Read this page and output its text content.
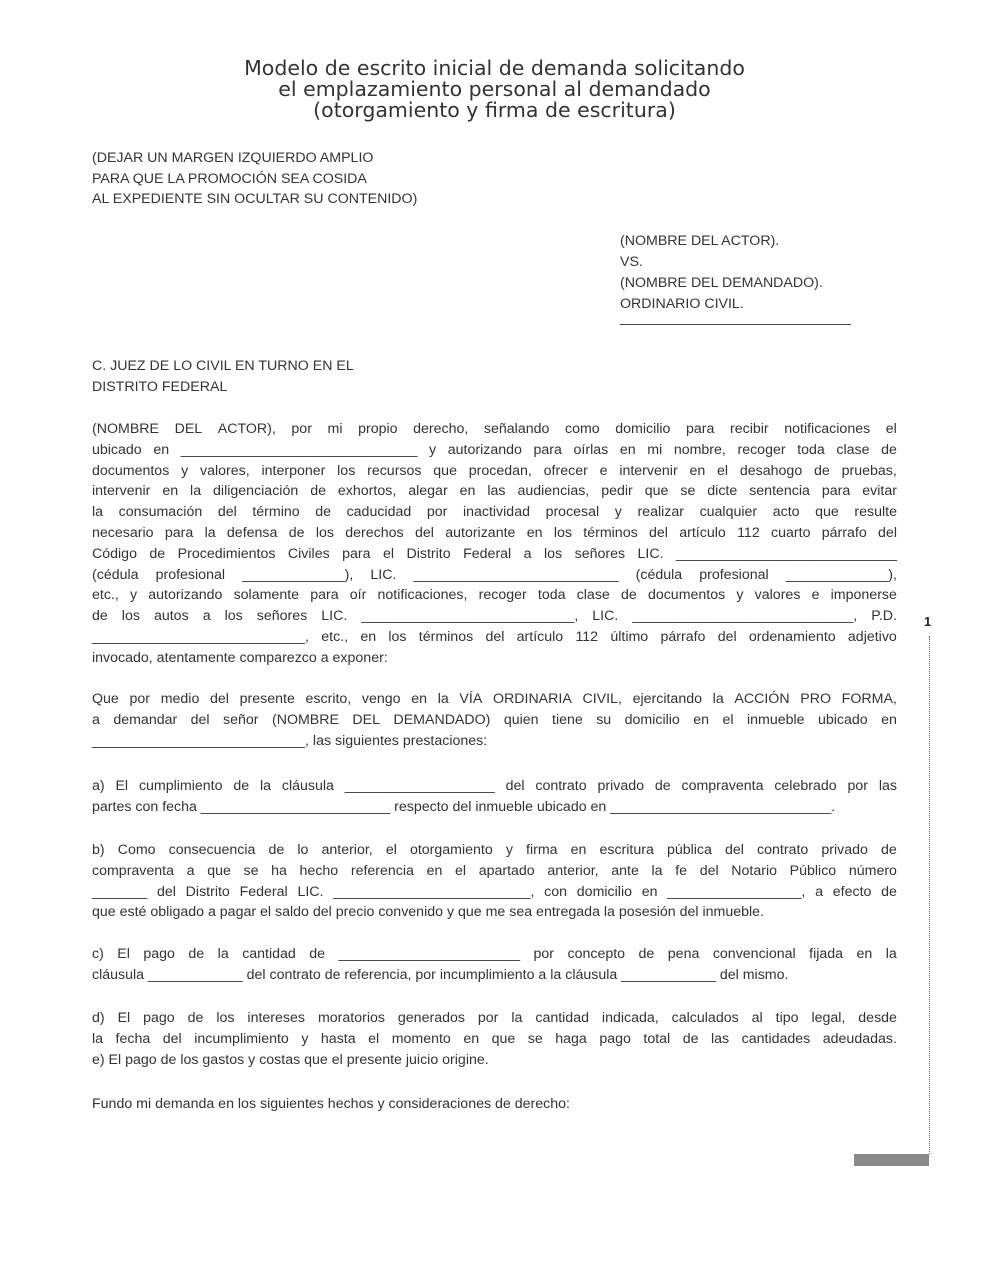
Modelo de escrito inicial de demanda solicitando
el emplazamiento personal al demandado
(otorgamiento y firma de escritura)
(DEJAR UN MARGEN IZQUIERDO AMPLIO
PARA QUE LA PROMOCIÓN SEA COSIDA
AL EXPEDIENTE SIN OCULTAR SU CONTENIDO)
(NOMBRE DEL ACTOR).
VS.
(NOMBRE DEL DEMANDADO).
ORDINARIO CIVIL.
C. JUEZ DE LO CIVIL EN TURNO EN EL
DISTRITO FEDERAL
(NOMBRE DEL ACTOR), por mi propio derecho, señalando como domicilio para recibir notificaciones el
ubicado en ______________________________ y autorizando para oírlas en mi nombre, recoger toda clase de
documentos y valores, interponer los recursos que procedan, ofrecer e intervenir en el desahogo de pruebas,
intervenir en la diligenciación de exhortos, alegar en las audiencias, pedir que se dicte sentencia para evitar
la consumación del término de caducidad por inactividad procesal y realizar cualquier acto que resulte
necesario para la defensa de los derechos del autorizante en los términos del artículo 112 cuarto párrafo del
Código de Procedimientos Civiles para el Distrito Federal a los señores LIC. ____________________________
(cédula profesional _____________), LIC. __________________________ (cédula profesional _____________),
etc., y autorizando solamente para oír notificaciones, recoger toda clase de documentos y valores e imponerse
de los autos a los señores LIC. ___________________________, LIC. ____________________________, P.D.
___________________________, etc., en los términos del artículo 112 último párrafo del ordenamiento adjetivo
invocado, atentamente comparezco a exponer:
Que por medio del presente escrito, vengo en la VÍA ORDINARIA CIVIL, ejercitando la ACCIÓN PRO FORMA,
a demandar del señor (NOMBRE DEL DEMANDADO) quien tiene su domicilio en el inmueble ubicado en
___________________________, las siguientes prestaciones:
a) El cumplimiento de la cláusula ___________________ del contrato privado de compraventa celebrado por las
partes con fecha ________________________ respecto del inmueble ubicado en ____________________________.
b) Como consecuencia de lo anterior, el otorgamiento y firma en escritura pública del contrato privado de
compraventa a que se ha hecho referencia en el apartado anterior, ante la fe del Notario Público número
_______ del Distrito Federal LIC. _________________________, con domicilio en _________________, a efecto de
que esté obligado a pagar el saldo del precio convenido y que me sea entregada la posesión del inmueble.
c) El pago de la cantidad de _______________________ por concepto de pena convencional fijada en la
cláusula ____________ del contrato de referencia, por incumplimiento a la cláusula ____________ del mismo.
d) El pago de los intereses moratorios generados por la cantidad indicada, calculados al tipo legal, desde
la fecha del incumplimiento y hasta el momento en que se haga pago total de las cantidades adeudadas.
e) El pago de los gastos y costas que el presente juicio origine.
Fundo mi demanda en los siguientes hechos y consideraciones de derecho:
1
